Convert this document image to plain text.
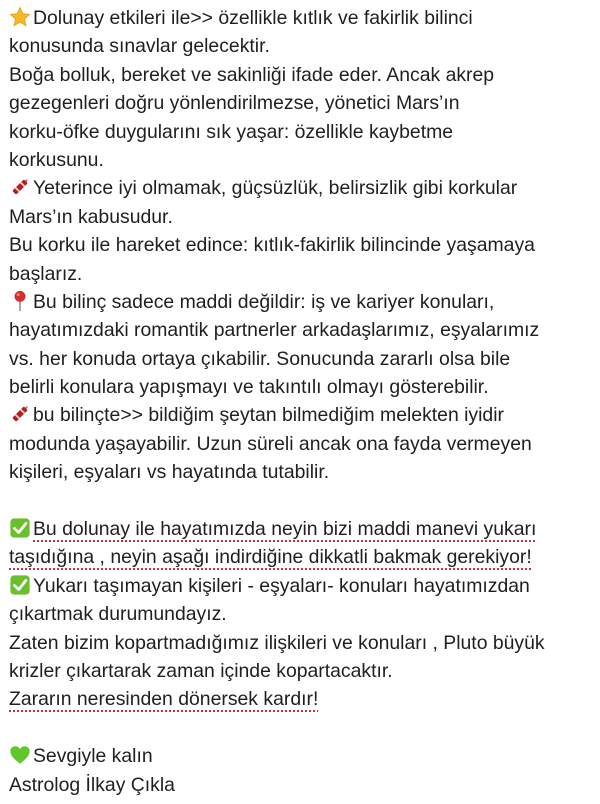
Dolunay etkileri ile>> özellikle kıtlık ve fakirlik bilinci
konusunda sınavlar gelecektir.
Boğa bolluk, bereket ve sakinliği ifade eder. Ancak akrep
gezegenleri doğru yönlendirilmezse, yönetici Mars’ın
korku-öfke duygularını sık yaşar: özellikle kaybetme
korkusunu.
Yeterince iyi olmamak, güçsüzlük, belirsizlik gibi korkular
Mars’ın kabusudur.
Bu korku ile hareket edince: kıtlık-fakirlik bilincinde yaşamaya
başlarız.
Bu bilinç sadece maddi değildir: iş ve kariyer konuları,
hayatımızdaki romantik partnerler arkadaşlarımız, eşyalarımız
vs. her konuda ortaya çıkabilir. Sonucunda zararlı olsa bile
belirli konulara yapışmayı ve takıntılı olmayı gösterebilir.
bu bilinçte>> bildiğim şeytan bilmediğim melekten iyidir
modunda yaşayabilir. Uzun süreli ancak ona fayda vermeyen
kişileri, eşyaları vs hayatında tutabilir.
Bu dolunay ile hayatımızda neyin bizi maddi manevi yukarı
taşıdığına , neyin aşağı indirdiğine dikkatli bakmak gerekiyor!
Yukarı taşımayan kişileri - eşyaları- konuları hayatımızdan
çıkartmak durumundayız.
Zaten bizim kopartmadığımız ilişkileri ve konuları , Pluto büyük
krizler çıkartarak zaman içinde kopartacaktır.
Zararın neresinden dönersek kardır!
Sevgiyle kalın
Astrolog İlkay Çıkla
